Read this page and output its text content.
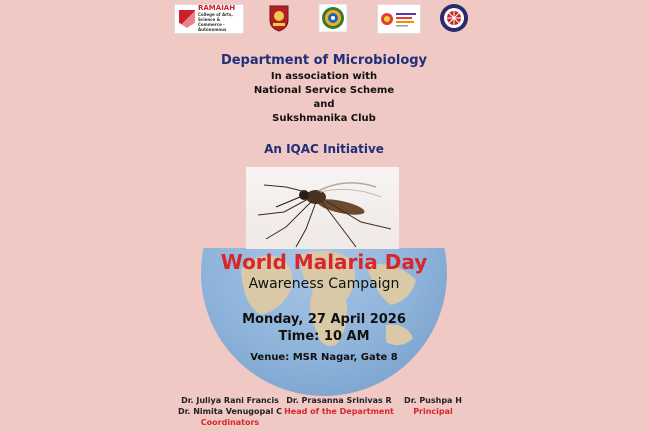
RAMAIAH
College of Arts, Science & Commerce · Autonomous
Department of Microbiology
In association with
National Service Scheme
and
Sukshmanika Club
An IQAC Initiative
World Malaria Day
Awareness Campaign
Monday, 27 April 2026
Time: 10 AM
Venue: MSR Nagar, Gate 8
Dr. Juliya Rani Francis
Dr. Nimita Venugopal C
Coordinators
Dr. Prasanna Srinivas R
Head of the Department
Dr. Pushpa H
Principal
